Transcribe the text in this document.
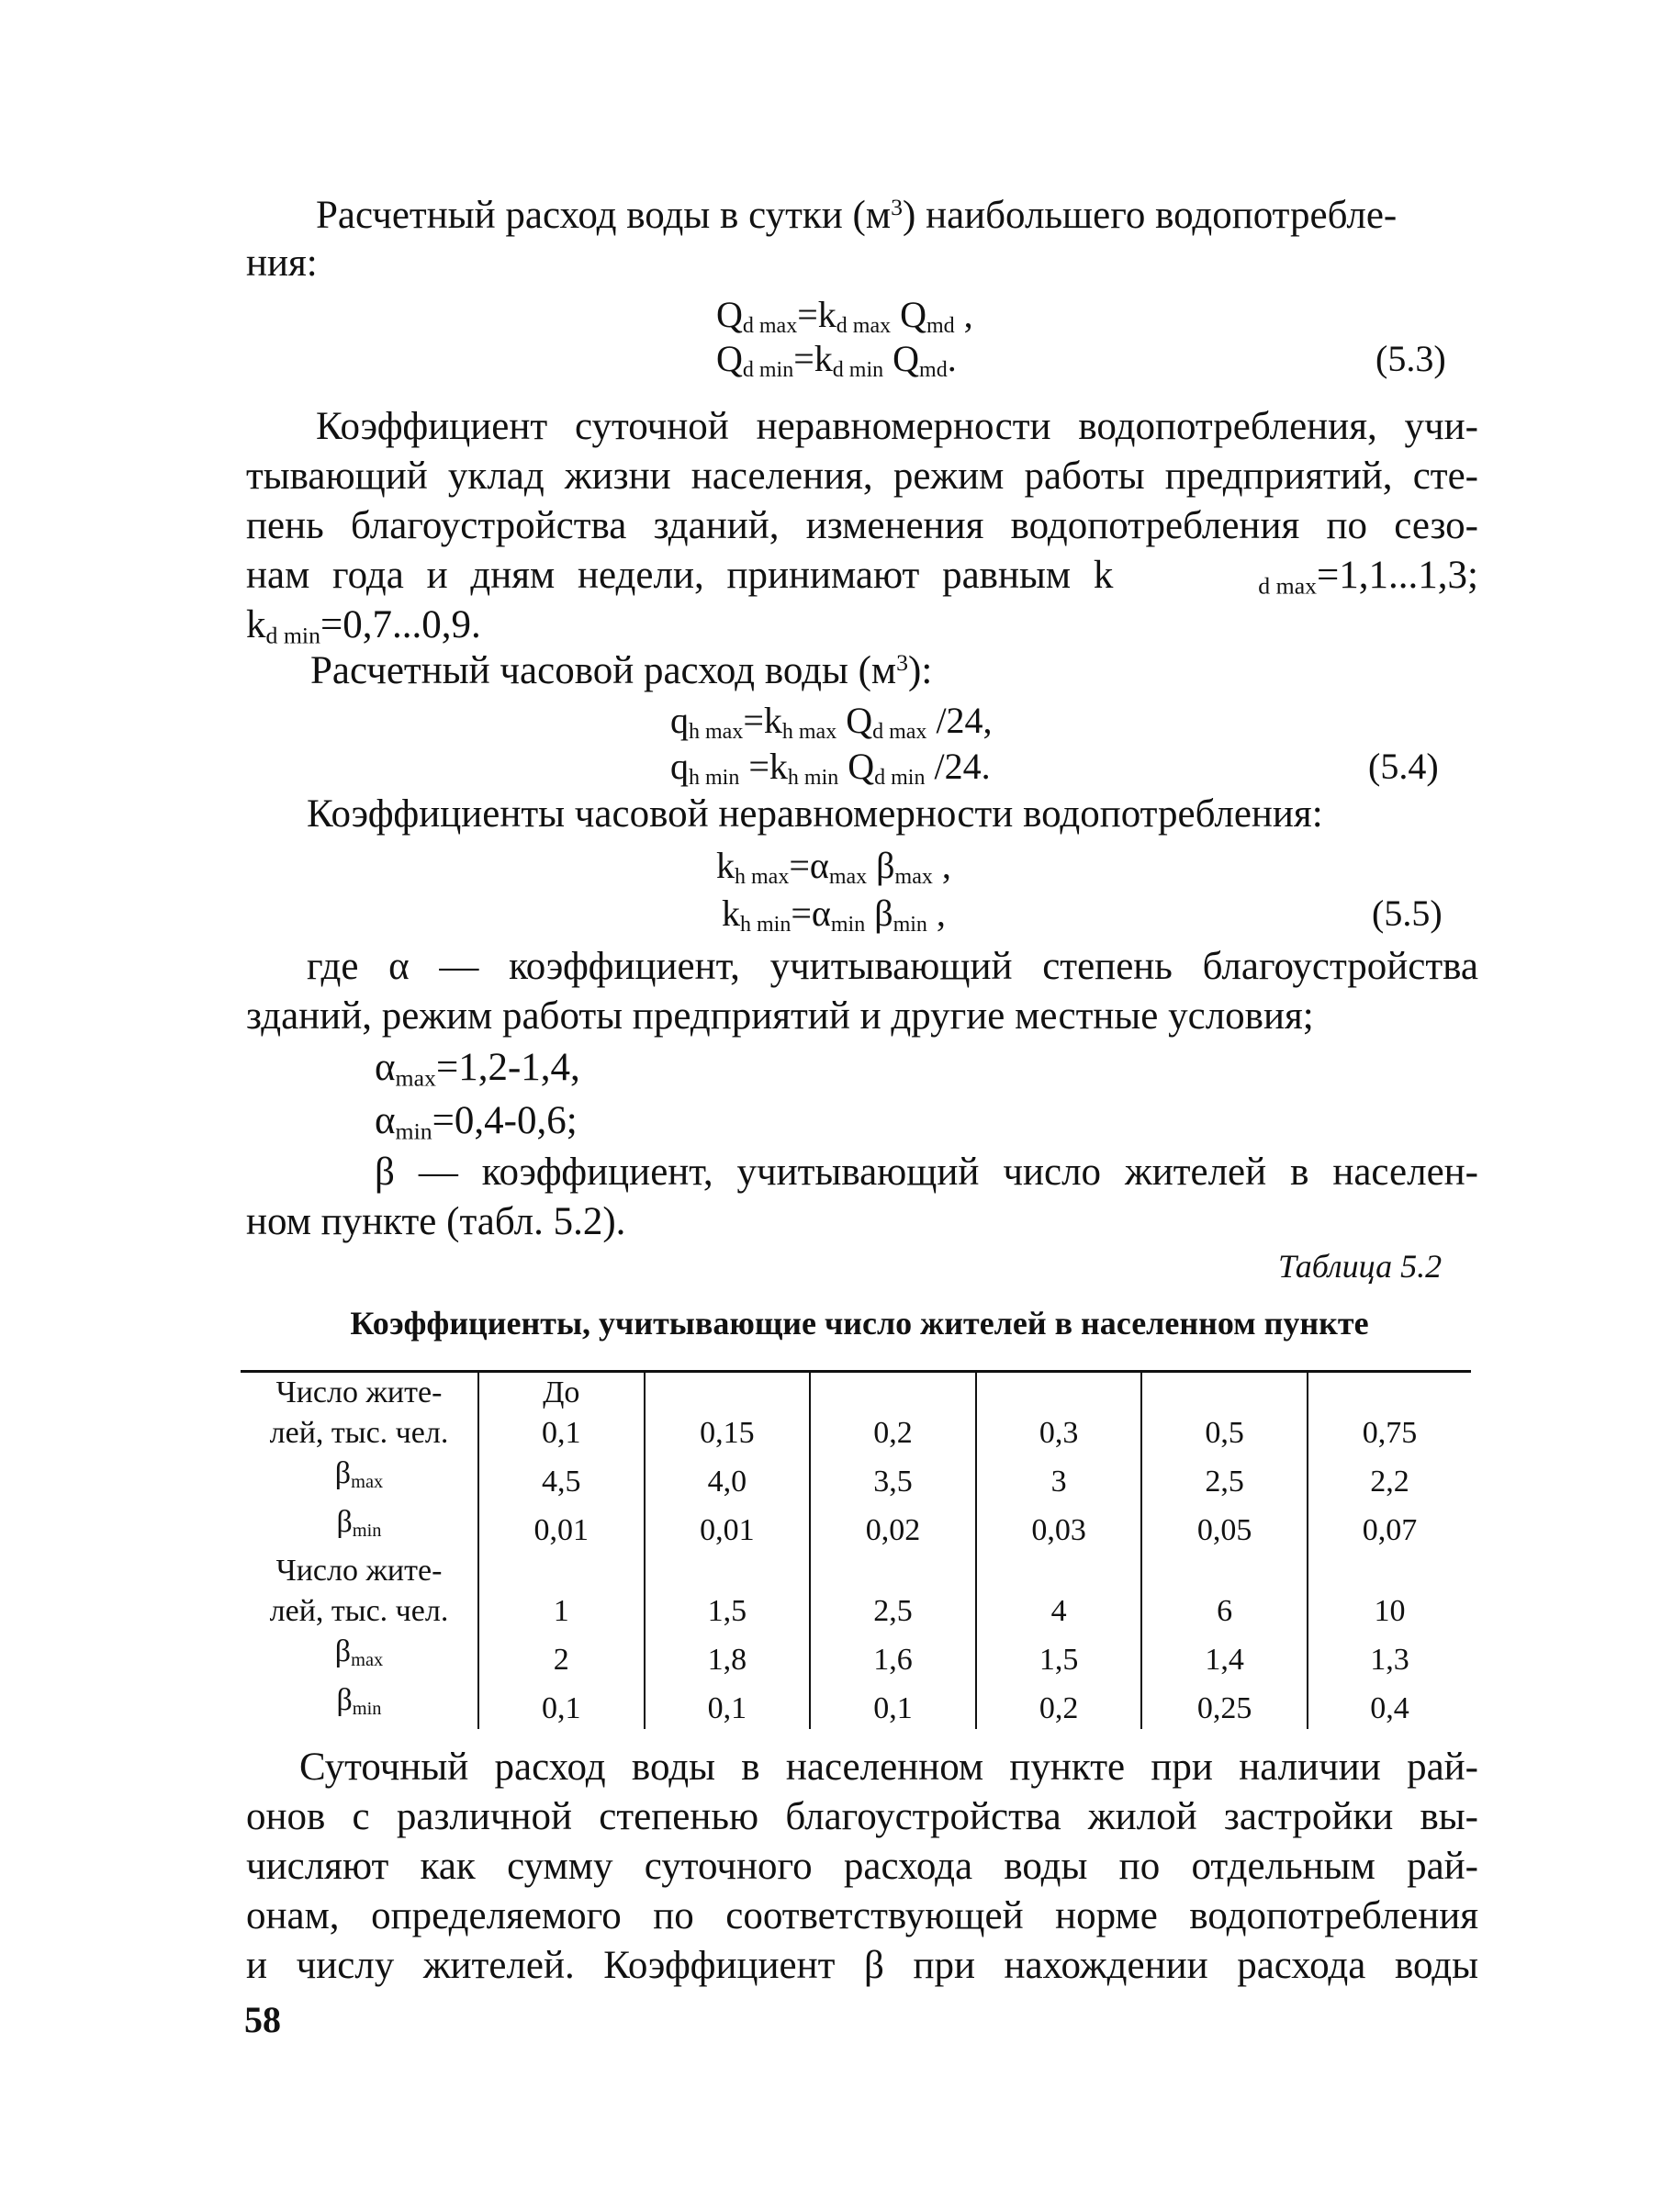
Расчетный расход воды в сутки $(м^3)$ наибольшего водопотребле-
ния:
$Q_{d max}=k_{d max}$ $Q_{md}$ ,
$Q_{d min}=k_{d min}$ $Q_{md}$.	(5.3)
Коэффициент суточной неравномерности водопотребления, учи-
тывающий уклад жизни населения, режим работы предприятий, сте-
пень благоустройства зданий, изменения водопотребления по сезо-
нам года и дням недели, принимают равным k	$_{d max}$=1,1...1,3;
$k_{d min}=0,7...0,9$.
Расчетный часовой расход воды $(м^3)$:
$q_{h max}=k_{h max}$ $Q_{d max}$ /24,
$q_{h min} =k_{h min}$ $Q_{d min}$ /24.	(5.4)
Коэффициенты часовой неравномерности водопотребления:
$k_{h max}=\alpha_{max}$ $\beta_{max}$ ,
$k_{h min}=\alpha_{min}$ $\beta_{min}$ ,	(5.5)
где α — коэффициент, учитывающий степень благоустройства
зданий, режим работы предприятий и другие местные условия;
$\alpha_{max}=1,2-1,4$,
$\alpha_{min}=0,4-0,6$;
β — коэффициент, учитывающий число жителей в населен-
ном пункте (табл. 5.2).
Таблица 5.2
Коэффициенты, учитывающие число жителей в населенном пункте
Число жите-	До					
лей, тыс. чел.	0,1	0,15	0,2	0,3	0,5	0,75
$\beta_{max}$	4,5	4,0	3,5	3	2,5	2,2
$\beta_{min}$	0,01	0,01	0,02	0,03	0,05	0,07
Число жите-						
лей, тыс. чел.	1	1,5	2,5	4	6	10
$\beta_{max}$	2	1,8	1,6	1,5	1,4	1,3
$\beta_{min}$	0,1	0,1	0,1	0,2	0,25	0,4
Суточный расход воды в населенном пункте при наличии рай-
онов с различной степенью благоустройства жилой застройки вы-
числяют как сумму суточного расхода воды по отдельным рай-
онам, определяемого по соответствующей норме водопотребления
и числу жителей. Коэффициент β при нахождении расхода воды
58
